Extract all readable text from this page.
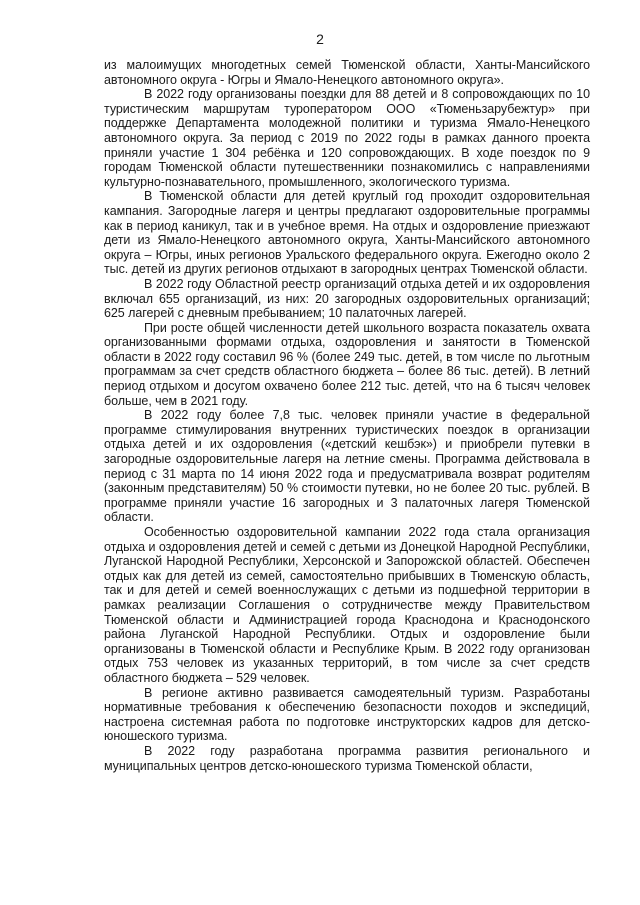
2

из малоимущих многодетных семей Тюменской области, Ханты-Мансийского автономного округа - Югры и Ямало-Ненецкого автономного округа».

В 2022 году организованы поездки для 88 детей и 8 сопровождающих по 10 туристическим маршрутам туроператором ООО «Тюменьзарубежтур» при поддержке Департамента молодежной политики и туризма Ямало-Ненецкого автономного округа. За период с 2019 по 2022 годы в рамках данного проекта приняли участие 1 304 ребёнка и 120 сопровождающих. В ходе поездок по 9 городам Тюменской области путешественники познакомились с направлениями культурно-познавательного, промышленного, экологического туризма.

В Тюменской области для детей круглый год проходит оздоровительная кампания. Загородные лагеря и центры предлагают оздоровительные программы как в период каникул, так и в учебное время. На отдых и оздоровление приезжают дети из Ямало-Ненецкого автономного округа, Ханты-Мансийского автономного округа – Югры, иных регионов Уральского федерального округа. Ежегодно около 2 тыс. детей из других регионов отдыхают в загородных центрах Тюменской области.

В 2022 году Областной реестр организаций отдыха детей и их оздоровления включал 655 организаций, из них: 20 загородных оздоровительных организаций; 625 лагерей с дневным пребыванием; 10 палаточных лагерей.

При росте общей численности детей школьного возраста показатель охвата организованными формами отдыха, оздоровления и занятости в Тюменской области в 2022 году составил 96 % (более 249 тыс. детей, в том числе по льготным программам за счет средств областного бюджета – более 86 тыс. детей). В летний период отдыхом и досугом охвачено более 212 тыс. детей, что на 6 тысяч человек больше, чем в 2021 году.

В 2022 году более 7,8 тыс. человек приняли участие в федеральной программе стимулирования внутренних туристических поездок в организации отдыха детей и их оздоровления («детский кешбэк») и приобрели путевки в загородные оздоровительные лагеря на летние смены. Программа действовала в период с 31 марта по 14 июня 2022 года и предусматривала возврат родителям (законным представителям) 50 % стоимости путевки, но не более 20 тыс. рублей. В программе приняли участие 16 загородных и 3 палаточных лагеря Тюменской области.

Особенностью оздоровительной кампании 2022 года стала организация отдыха и оздоровления детей и семей с детьми из Донецкой Народной Республики, Луганской Народной Республики, Херсонской и Запорожской областей. Обеспечен отдых как для детей из семей, самостоятельно прибывших в Тюменскую область, так и для детей и семей военнослужащих с детьми из подшефной территории в рамках реализации Соглашения о сотрудничестве между Правительством Тюменской области и Администрацией города Краснодона и Краснодонского района Луганской Народной Республики. Отдых и оздоровление были организованы в Тюменской области и Республике Крым. В 2022 году организован отдых 753 человек из указанных территорий, в том числе за счет средств областного бюджета – 529 человек.

В регионе активно развивается самодеятельный туризм. Разработаны нормативные требования к обеспечению безопасности походов и экспедиций, настроена системная работа по подготовке инструкторских кадров для детско-юношеского туризма.

В 2022 году разработана программа развития регионального и муниципальных центров детско-юношеского туризма Тюменской области,
